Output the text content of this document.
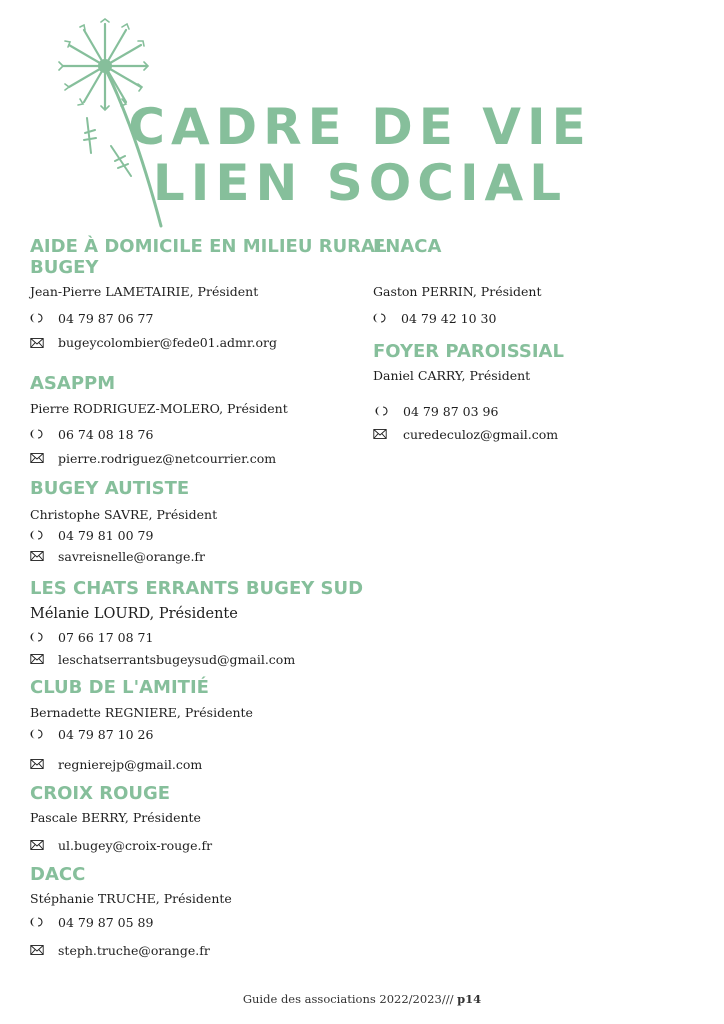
CADRE DE VIE
LIEN SOCIAL
AIDE À DOMICILE EN MILIEU RURAL
BUGEY
Jean-Pierre LAMETAIRIE, Président
04 79 87 06 77
bugeycolombier@fede01.admr.org
ASAPPM
Pierre RODRIGUEZ-MOLERO, Président
06 74 08 18 76
pierre.rodriguez@netcourrier.com
BUGEY AUTISTE
Christophe SAVRE, Président
04 79 81 00 79
savreisnelle@orange.fr
LES CHATS ERRANTS BUGEY SUD
Mélanie LOURD, Présidente
07 66 17 08 71
leschatserrantsbugeysud@gmail.com
CLUB DE L'AMITIÉ
Bernadette REGNIERE, Présidente
04 79 87 10 26
regnierejp@gmail.com
CROIX ROUGE
Pascale BERRY, Présidente
ul.bugey@croix-rouge.fr
DACC
Stéphanie TRUCHE, Présidente
04 79 87 05 89
steph.truche@orange.fr
FNACA
Gaston PERRIN, Président
04 79 42 10 30
FOYER PAROISSIAL
Daniel CARRY, Président
04 79 87 03 96
curedeculoz@gmail.com
Guide des associations 2022/2023/// p14
